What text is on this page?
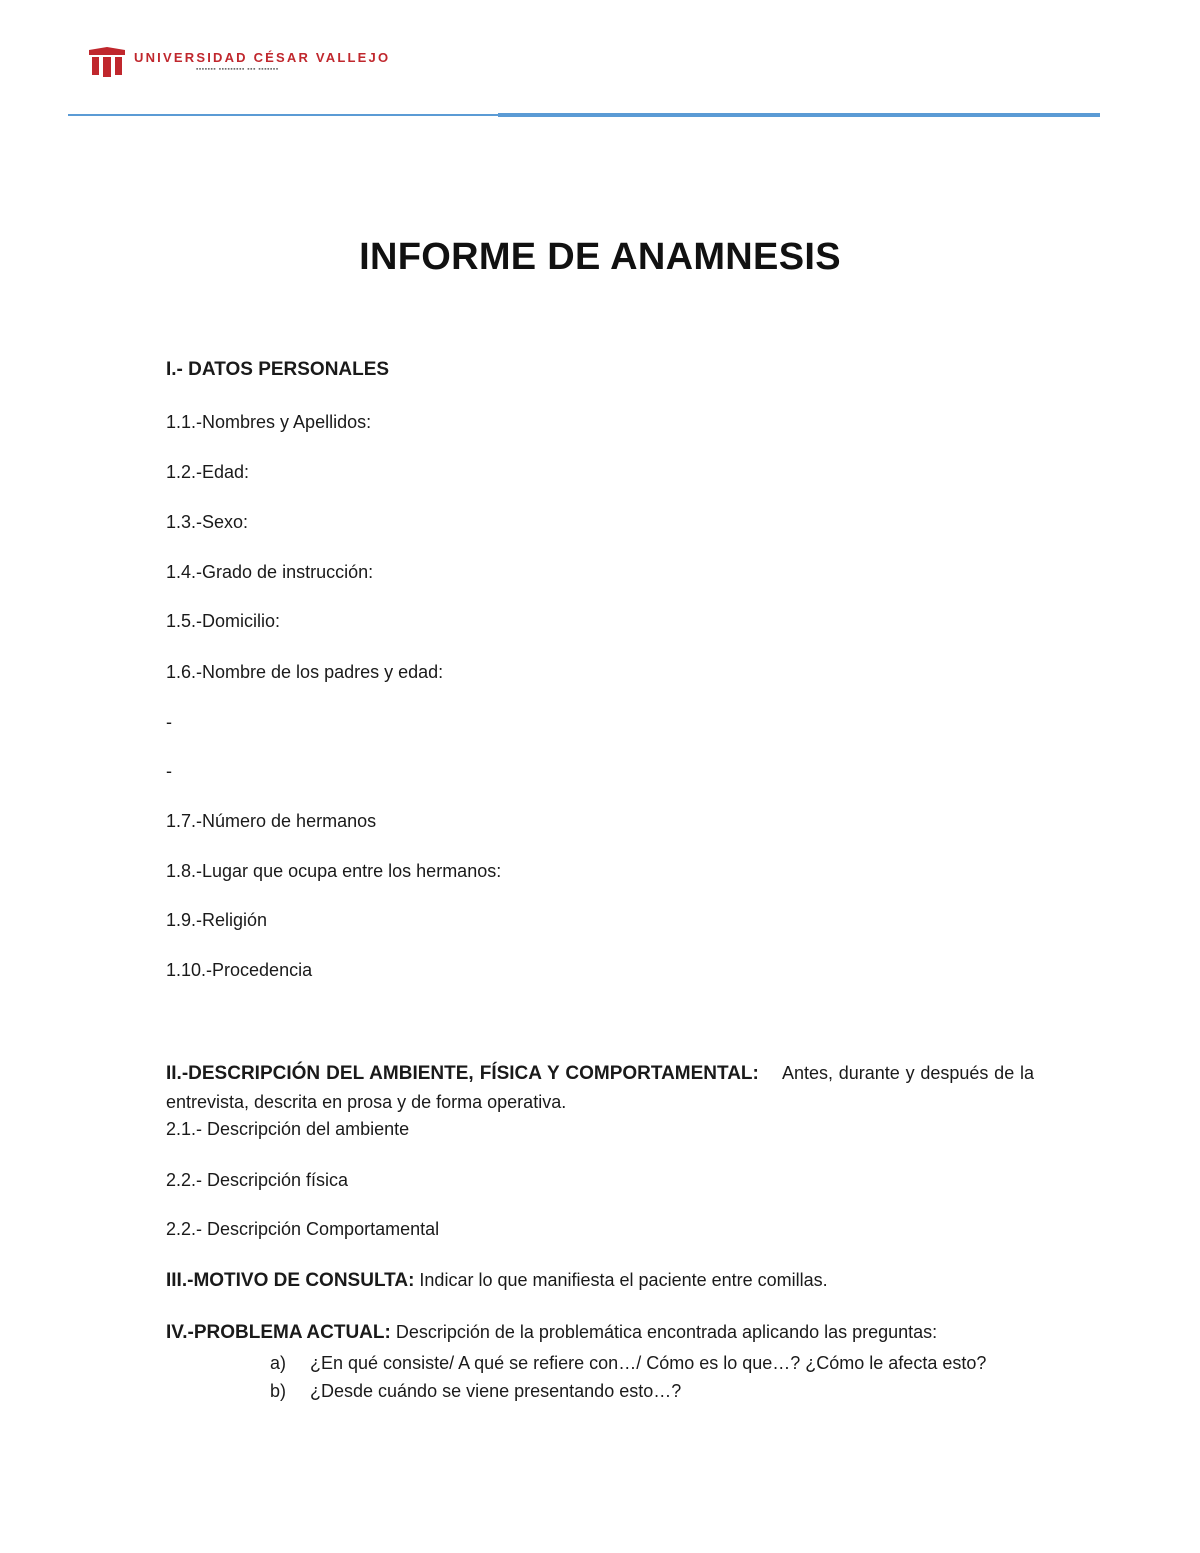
UNIVERSIDAD CÉSAR VALLEJO
▪▪▪▪▪▪▪ ▪▪▪▪▪▪▪▪▪ ▪▪▪ ▪▪▪▪▪▪▪
INFORME DE ANAMNESIS
I.- DATOS PERSONALES
1.1.-Nombres y Apellidos:
1.2.-Edad:
1.3.-Sexo:
1.4.-Grado de instrucción:
1.5.-Domicilio:
1.6.-Nombre de los padres y edad:
-
-
1.7.-Número de hermanos
1.8.-Lugar que ocupa entre los hermanos:
1.9.-Religión
1.10.-Procedencia
II.-DESCRIPCIÓN DEL AMBIENTE, FÍSICA Y COMPORTAMENTAL: Antes, durante y después de la entrevista, descrita en prosa y de forma operativa.
2.1.- Descripción del ambiente
2.2.- Descripción física
2.2.- Descripción Comportamental
III.-MOTIVO DE CONSULTA: Indicar lo que manifiesta el paciente entre comillas.
IV.-PROBLEMA ACTUAL: Descripción de la problemática encontrada aplicando las preguntas:
a) ¿En qué consiste/ A qué se refiere con…/ Cómo es lo que…? ¿Cómo le afecta esto?
b) ¿Desde cuándo se viene presentando esto…?
